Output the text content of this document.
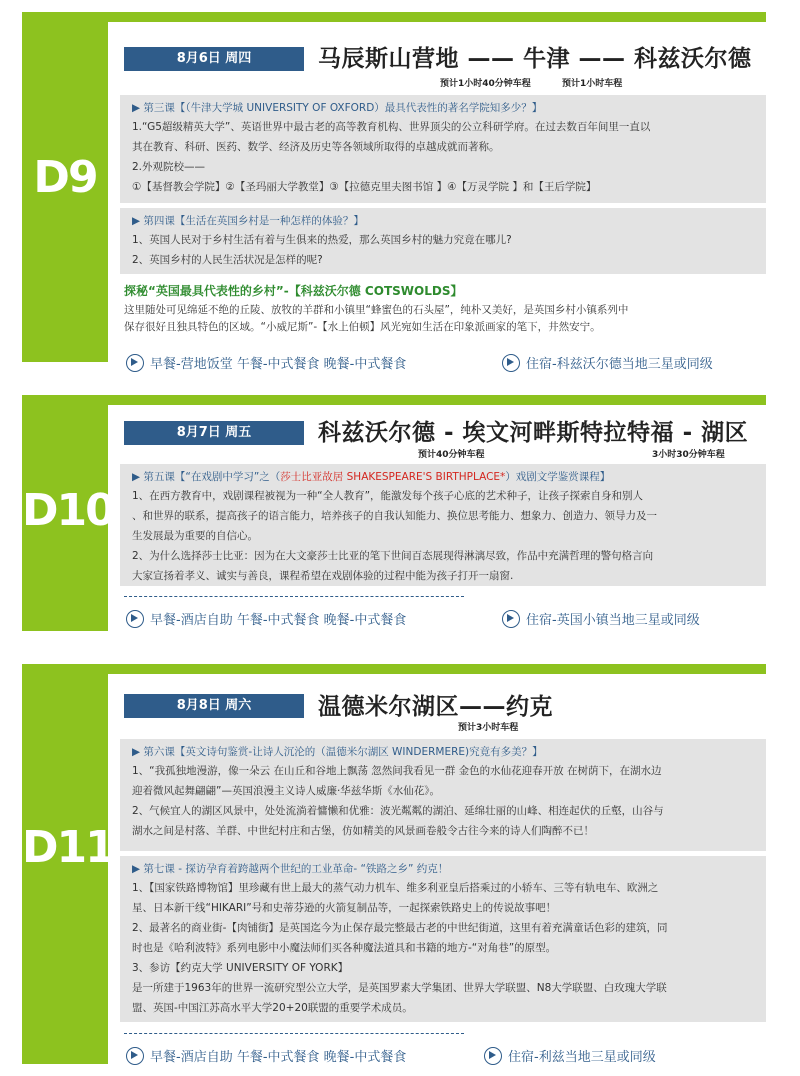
D9
8月6日 周四	马辰斯山营地 —— 牛津 —— 科兹沃尔德
预计1小时40分钟车程	预计1小时车程
▶ 第三课【（牛津大学城 UNIVERSITY OF OXFORD）最具代表性的著名学院知多少？】
1.“G5超级精英大学”、英语世界中最古老的高等教育机构、世界顶尖的公立科研学府。在过去数百年间里一直以
其在教育、科研、医药、数学、经济及历史等各领域所取得的卓越成就而著称。
2.外观院校——
①【基督教会学院】②【圣玛丽大学教堂】③【拉德克里夫图书馆 】④【万灵学院 】和【王后学院】
▶ 第四课【生活在英国乡村是一种怎样的体验？】
1、英国人民对于乡村生活有着与生俱来的热爱，那么英国乡村的魅力究竟在哪儿?
2、英国乡村的人民生活状况是怎样的呢?
探秘“英国最具代表性的乡村”-【科兹沃尔德 COTSWOLDS】
这里随处可见绵延不绝的丘陵、放牧的羊群和小镇里“蜂蜜色的石头屋”，纯朴又美好，是英国乡村小镇系列中
保存很好且独具特色的区域。“小威尼斯”-【水上伯顿】风光宛如生活在印象派画家的笔下，井然安宁。
早餐-营地饭堂 午餐-中式餐食 晚餐-中式餐食	住宿-科兹沃尔德当地三星或同级
D10
8月7日 周五	科兹沃尔德 - 埃文河畔斯特拉特福 - 湖区
预计40分钟车程	3小时30分钟车程
▶ 第五课【“在戏剧中学习”之（莎士比亚故居 SHAKESPEARE'S BIRTHPLACE*）戏剧文学鉴赏课程】
1、在西方教育中，戏剧课程被视为一种“全人教育”，能激发每个孩子心底的艺术种子，让孩子探索自身和别人
、和世界的联系，提高孩子的语言能力，培养孩子的自我认知能力、换位思考能力、想象力、创造力、领导力及一
生发展最为重要的自信心。
2、为什么选择莎士比亚：因为在大文豪莎士比亚的笔下世间百态展现得淋漓尽致，作品中充满哲理的警句格言向
大家宣扬着孝义、诚实与善良，课程希望在戏剧体验的过程中能为孩子打开一扇窗.
早餐-酒店自助 午餐-中式餐食 晚餐-中式餐食	住宿-英国小镇当地三星或同级
D11
8月8日 周六	温德米尔湖区——约克
预计3小时车程
▶ 第六课【英文诗句鉴赏-让诗人沉沦的（温德米尔湖区 WINDERMERE)究竟有多美？】
1、“我孤独地漫游，像一朵云 在山丘和谷地上飘荡 忽然间我看见一群 金色的水仙花迎春开放 在树荫下，在湖水边
迎着微风起舞翩翩”—英国浪漫主义诗人威廉·华兹华斯《水仙花》。
2、气候宜人的湖区风景中，处处流淌着慵懒和优雅：波光粼粼的湖泊、延绵壮丽的山峰、相连起伏的丘壑，山谷与
湖水之间是村落、羊群、中世纪村庄和古堡，仿如精美的风景画卷般令古往今来的诗人们陶醉不已！
▶ 第七课 - 探访孕育着跨越两个世纪的工业革命- “铁路之乡” 约克！
1、【国家铁路博物馆】里珍藏有世上最大的蒸气动力机车、维多利亚皇后搭乘过的小轿车、三等有轨电车、欧洲之
星、日本新干线“HIKARI”号和史蒂芬逊的火箭复制品等，一起探索铁路史上的传说故事吧！
2、最著名的商业街-【肉铺街】是英国迄今为止保存最完整最古老的中世纪街道，这里有着充满童话色彩的建筑，同
时也是《哈利波特》系列电影中小魔法师们买各种魔法道具和书籍的地方-“对角巷”的原型。
3、参访【约克大学 UNIVERSITY OF YORK】
是一所建于1963年的世界一流研究型公立大学，是英国罗素大学集团、世界大学联盟、N8大学联盟、白玫瑰大学联
盟、英国-中国江苏高水平大学20+20联盟的重要学术成员。
早餐-酒店自助 午餐-中式餐食 晚餐-中式餐食	住宿-利兹当地三星或同级
